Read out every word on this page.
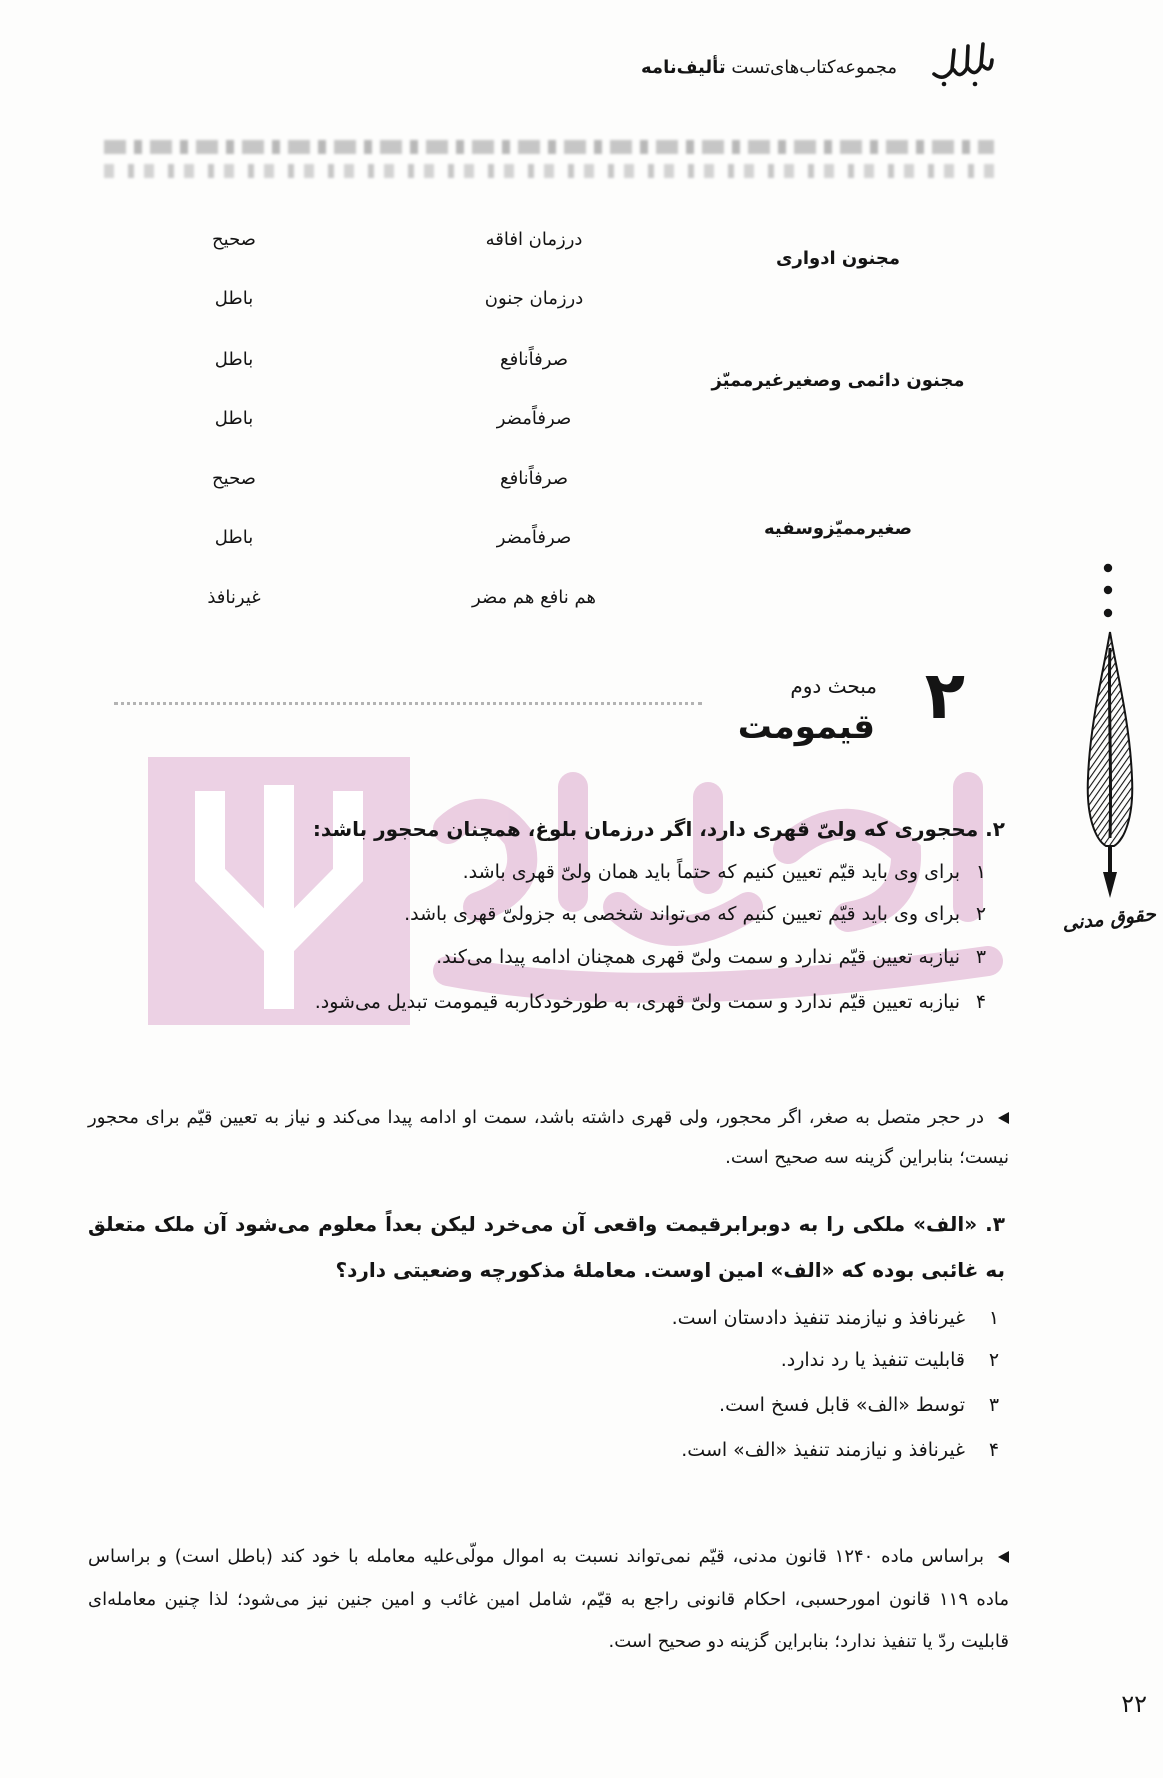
مجموعه‌کتاب‌های‌تست تألیف‌نامه
مجنون ادواری
درزمان افاقه
صحیح
درزمان جنون
باطل
مجنون دائمی وصغیرغیرممیّز
صرفاًنافع
باطل
صرفاًمضر
باطل
صغیرممیّزوسفیه
صرفاًنافع
صحیح
صرفاًمضر
باطل
هم نافع هم مضر
غیرنافذ
۲
مبحث دوم
قیمومت
۲. محجوری که ولیّ قهری دارد، اگر درزمان بلوغ، همچنان محجور باشد:
۱
برای وی باید قیّم تعیین کنیم که حتماً باید همان ولیّ قهری باشد.
۲
برای وی باید قیّم تعیین کنیم که می‌تواند شخصی به جزولیّ قهری باشد.
۳
نیازبه تعیین قیّم ندارد و سمت ولیّ قهری همچنان ادامه پیدا می‌کند.
۴
نیازبه تعیین قیّم ندارد و سمت ولیّ قهری، به طورخودکاربه قیمومت تبدیل می‌شود.

در حجر متصل به صغر، اگر محجور، ولی قهری داشته باشد، سمت او ادامه پیدا می‌کند و نیاز به تعیین قیّم برای محجور نیست؛ بنابراین گزینه سه صحیح است.

۳. «الف» ملکی را به دوبرابرقیمت واقعی آن می‌خرد لیکن بعداً معلوم می‌شود آن ملک متعلق به غائبی بوده که «الف» امین اوست. معاملهٔ مذکورچه وضعیتی دارد؟
۱
غیرنافذ و نیازمند تنفیذ دادستان است.
۲
قابلیت تنفیذ یا رد ندارد.
۳
توسط «الف» قابل فسخ است.
۴
غیرنافذ و نیازمند تنفیذ «الف» است.

براساس ماده ۱۲۴۰ قانون مدنی، قیّم نمی‌تواند نسبت به اموال مولّی‌علیه معامله با خود کند (باطل است) و براساس ماده ۱۱۹ قانون امورحسبی، احکام قانونی راجع به قیّم، شامل امین غائب و امین جنین نیز می‌شود؛ لذا چنین معامله‌ای قابلیت ردّ یا تنفیذ ندارد؛ بنابراین گزینه دو صحیح است.

۲۲
حقوق مدنی
